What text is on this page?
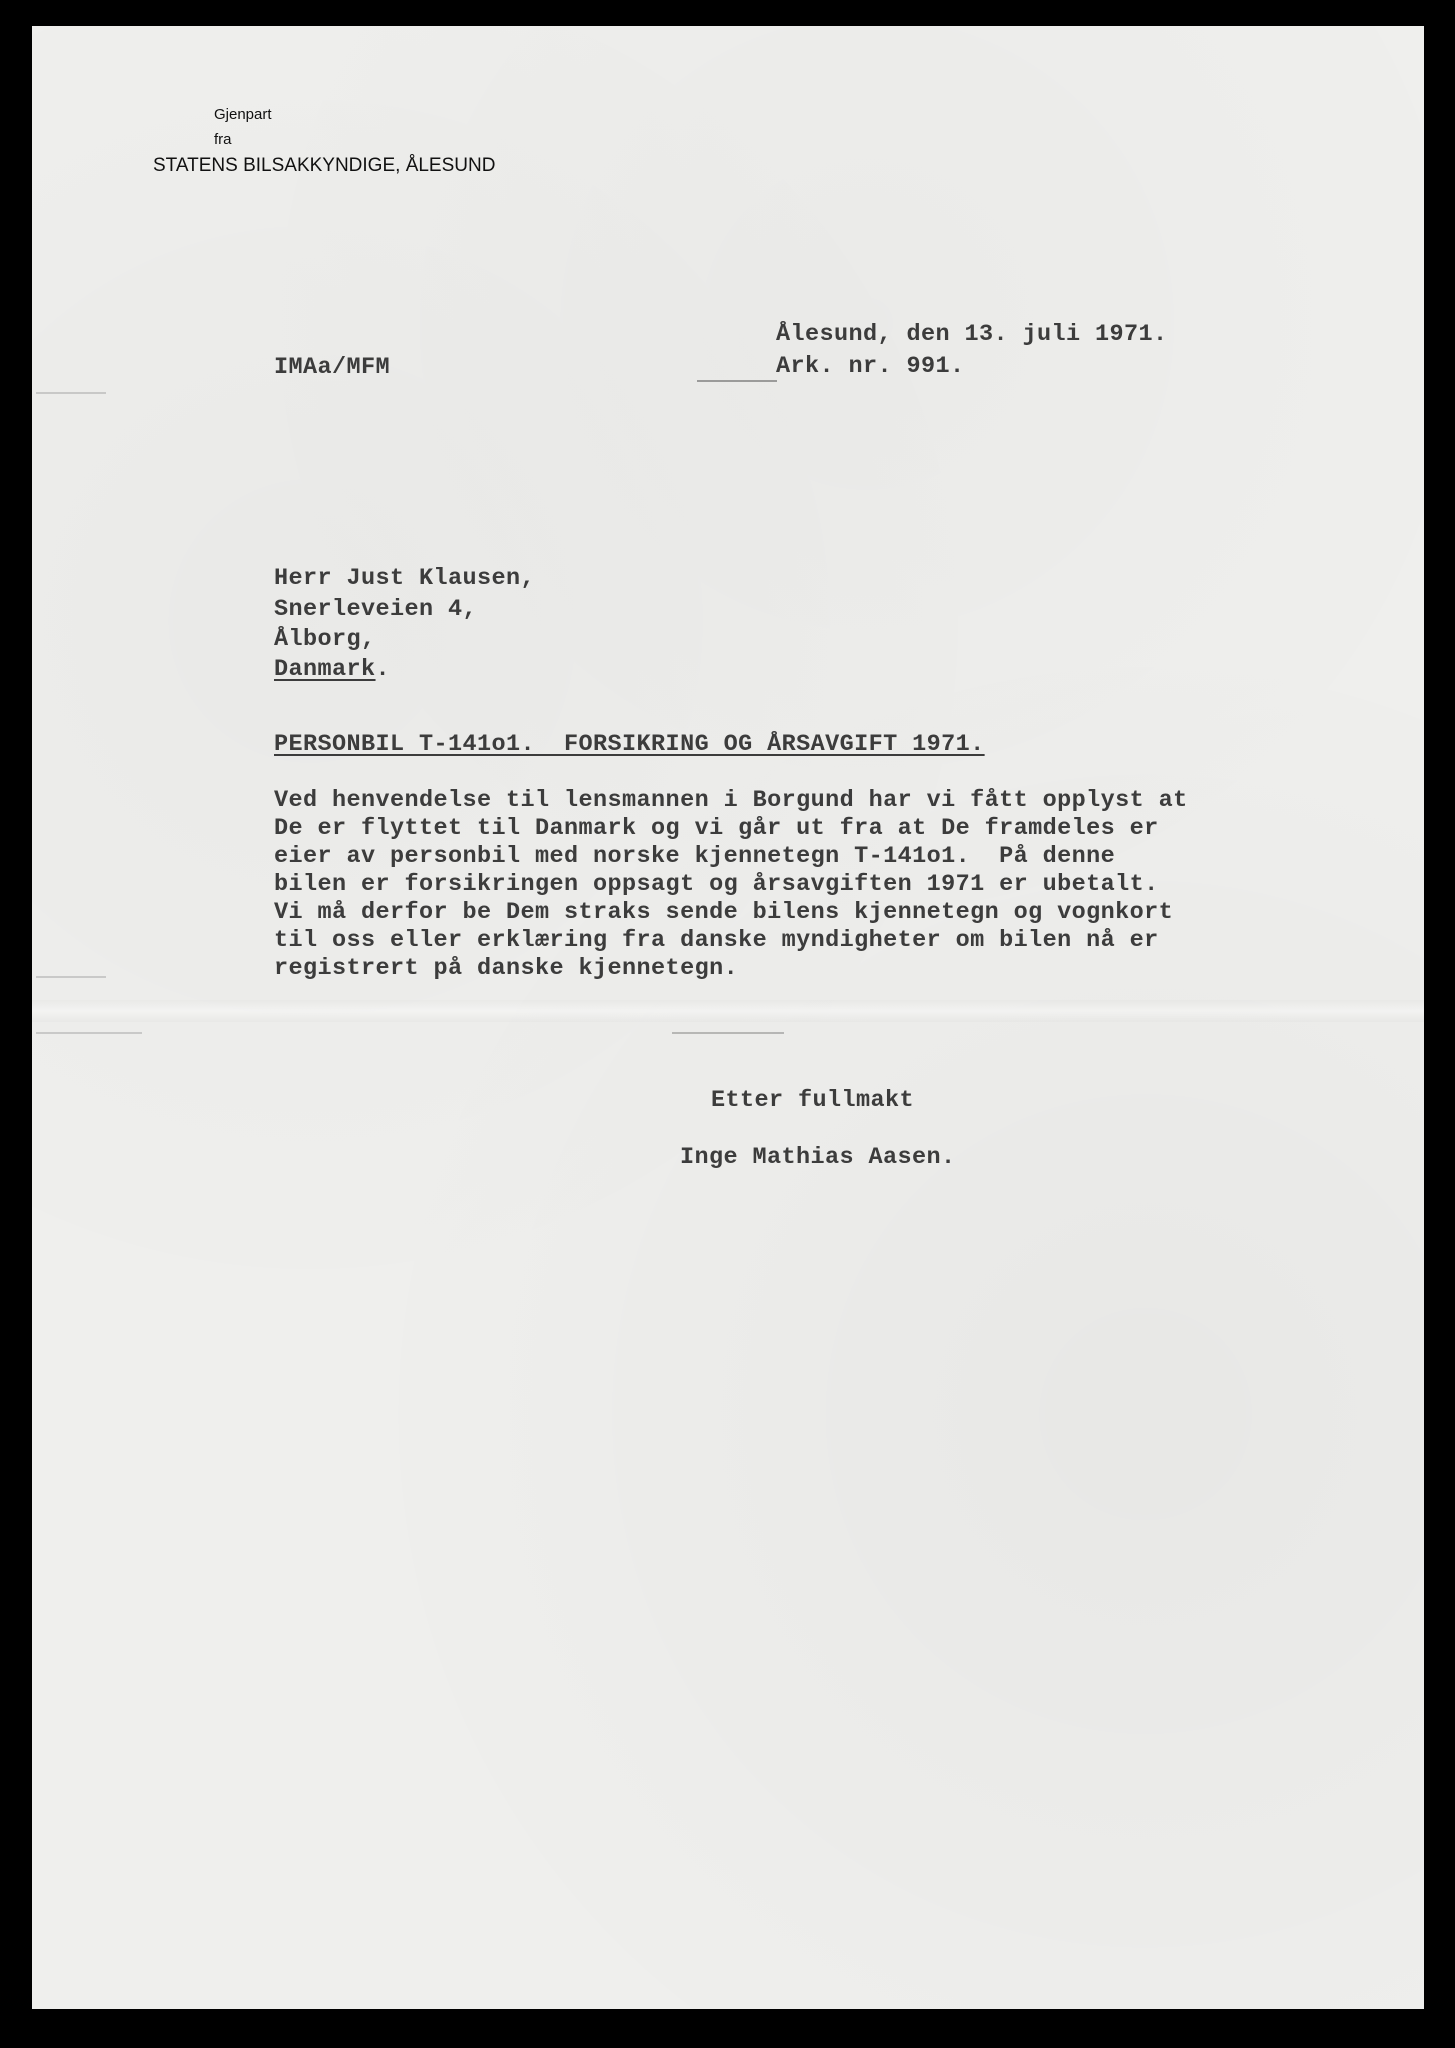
Gjenpart
fra
STATENS BILSAKKYNDIGE, ÅLESUND
IMAa/MFM
Ålesund, den 13. juli 1971.
Ark. nr. 991.
Herr Just Klausen,
Snerleveien 4,
Ålborg,
Danmark.
PERSONBIL T-141o1.  FORSIKRING OG ÅRSAVGIFT 1971.
Ved henvendelse til lensmannen i Borgund har vi fått opplyst at
De er flyttet til Danmark og vi går ut fra at De framdeles er
eier av personbil med norske kjennetegn T-141o1.  På denne
bilen er forsikringen oppsagt og årsavgiften 1971 er ubetalt.
Vi må derfor be Dem straks sende bilens kjennetegn og vognkort
til oss eller erklæring fra danske myndigheter om bilen nå er
registrert på danske kjennetegn.
Etter fullmakt
Inge Mathias Aasen.
